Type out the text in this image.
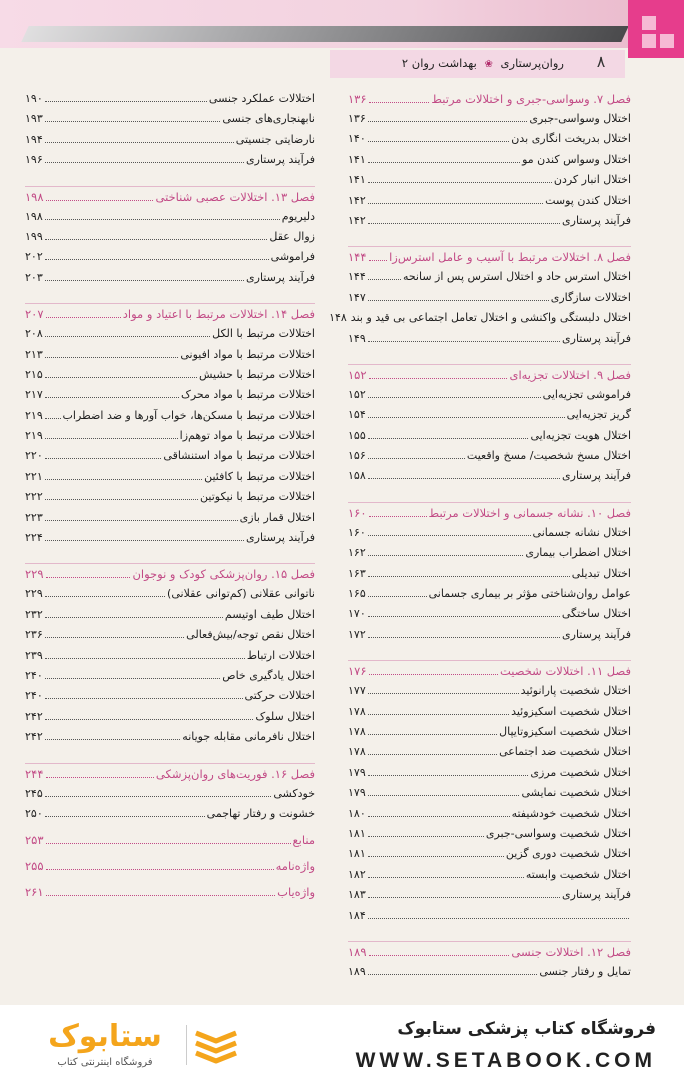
۸
روان‌پرستاری ❀ بهداشت روان ۲
فصل ۷. وسواسی-جبری و اختلالات مرتبط
۱۳۶
اختلال وسواسی-جبری
۱۳۶
اختلال بدریخت انگاری بدن
۱۴۰
اختلال وسواس کندن مو
۱۴۱
اختلال انبار کردن
۱۴۱
اختلال کندن پوست
۱۴۲
فرآیند پرستاری
۱۴۲
فصل ۸. اختلالات مرتبط با آسیب و عامل استرس‌زا
۱۴۴
اختلال استرس حاد و اختلال استرس پس از سانحه
۱۴۴
اختلالات سازگاری
۱۴۷
اختلال دلبستگی واکنشی و اختلال تعامل اجتماعی بی قید و بند
۱۴۸
فرآیند پرستاری
۱۴۹
فصل ۹. اختلالات تجزیه‌ای
۱۵۲
فراموشی تجزیه‌ایی
۱۵۲
گریز تجزیه‌ایی
۱۵۴
اختلال هویت تجزیه‌ایی
۱۵۵
اختلال مسخ شخصیت/ مسخ واقعیت
۱۵۶
فرآیند پرستاری
۱۵۸
فصل ۱۰. نشانه جسمانی و اختلالات مرتبط
۱۶۰
اختلال نشانه جسمانی
۱۶۰
اختلال اضطراب بیماری
۱۶۲
اختلال تبدیلی
۱۶۳
عوامل روان‌شناختی مؤثر بر بیماری جسمانی
۱۶۵
اختلال ساختگی
۱۷۰
فرآیند پرستاری
۱۷۲
فصل ۱۱. اختلالات شخصیت
۱۷۶
اختلال شخصیت پارانوئید
۱۷۷
اختلال شخصیت اسکیزوئید
۱۷۸
اختلال شخصیت اسکیزوتایپال
۱۷۸
اختلال شخصیت ضد اجتماعی
۱۷۸
اختلال شخصیت مرزی
۱۷۹
اختلال شخصیت نمایشی
۱۷۹
اختلال شخصیت خودشیفته
۱۸۰
اختلال شخصیت وسواسی-جبری
۱۸۱
اختلال شخصیت دوری گزین
۱۸۱
اختلال شخصیت وابسته
۱۸۲
فرآیند پرستاری
۱۸۳
۱۸۴
فصل ۱۲. اختلالات جنسی
۱۸۹
تمایل و رفتار جنسی
۱۸۹
اختلالات عملکرد جنسی
۱۹۰
نابهنجاری‌های جنسی
۱۹۳
نارضایتی جنسیتی
۱۹۴
فرآیند پرستاری
۱۹۶
فصل ۱۳. اختلالات عصبی شناختی
۱۹۸
دلیریوم
۱۹۸
زوال عقل
۱۹۹
فراموشی
۲۰۲
فرآیند پرستاری
۲۰۳
فصل ۱۴. اختلالات مرتبط با اعتیاد و مواد
۲۰۷
اختلالات مرتبط با الکل
۲۰۸
اختلالات مرتبط با مواد افیونی
۲۱۳
اختلالات مرتبط با حشیش
۲۱۵
اختلالات مرتبط با مواد محرک
۲۱۷
اختلالات مرتبط با مسکن‌ها، خواب آورها و ضد اضطراب
۲۱۹
اختلالات مرتبط با مواد توهم‌زا
۲۱۹
اختلالات مرتبط با مواد استنشاقی
۲۲۰
اختلالات مرتبط با کافئین
۲۲۱
اختلالات مرتبط با نیکوتین
۲۲۲
اختلال قمار بازی
۲۲۳
فرآیند پرستاری
۲۲۴
فصل ۱۵. روان‌پزشکی کودک و نوجوان
۲۲۹
ناتوانی عقلانی (کم‌توانی عقلانی)
۲۲۹
اختلال طیف اوتیسم
۲۳۲
اختلال نقص توجه/بیش‌فعالی
۲۳۶
اختلالات ارتباط
۲۳۹
اختلال یادگیری خاص
۲۴۰
اختلالات حرکتی
۲۴۰
اختلال سلوک
۲۴۲
اختلال نافرمانی مقابله جویانه
۲۴۲
فصل ۱۶. فوریت‌های روان‌پزشکی
۲۴۴
خودکشی
۲۴۵
خشونت و رفتار تهاجمی
۲۵۰
منابع
۲۵۳
واژه‌نامه
۲۵۵
واژه‌یاب
۲۶۱
فروشگاه کتاب پزشکی ستابوک
WWW.SETABOOK.COM
ستابوک
فروشگاه اینترنتی کتاب
